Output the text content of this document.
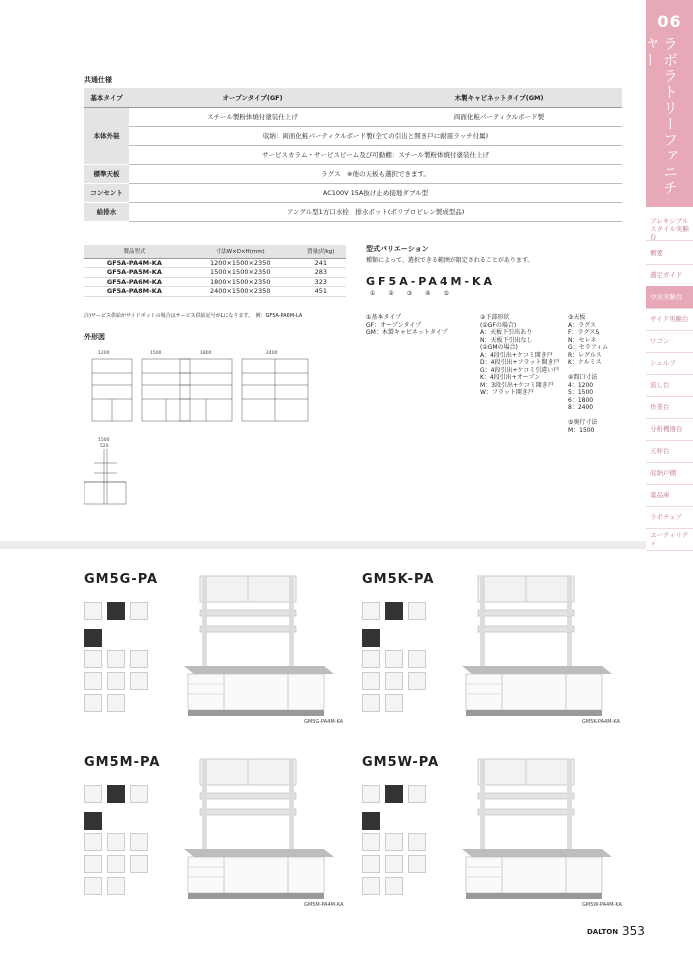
06
ラボラトリーファニチャー
フレキシブル スタイル実験台
概要
選定ガイド
中央実験台
サイド実験台
ワゴン
シェルフ
流し台
作業台
分析機器台
天秤台
収納戸棚
薬品庫
ラボチェア
ユーティリティ
共通仕様
基本タイプ	オープンタイプ(GF)	木製キャビネットタイプ(GM)
本体外装	スチール製粉体焼付塗装仕上げ	両面化粧パーティクルボード製
	収納：両面化粧パーティクルボード製(全ての引出と開き戸に耐震ラッチ付属)	
	サービスカラム・サービスビーム及び可動棚：スチール製粉体焼付塗装仕上げ	
標準天板	ラグス　※他の天板も選択できます。	
コンセント	AC100V 15A抜け止め接地ダブル型	
給排水	アングル型1方口水栓　排水ポット(ポリプロピレン製成型品)	
製品型式	寸法W×D×H(mm)	質量(約kg)
GF5A-PA4M-KA	1200×1500×2350	241
GF5A-PA5M-KA	1500×1500×2350	283
GF5A-PA6M-KA	1800×1500×2350	323
GF5A-PA8M-KA	2400×1500×2350	451
注)サービス供給がサイドポットの場合はサービス供給記号がLになります。　例：GF5A-PA6M-LA
外形図
1200	1500	1800	2400
1500
520
型式バリエーション
種類によって、選択できる範囲が限定されることがあります。
GF5A-PA4M-KA
① ② ③ ④ ⑤
①基本タイプ
GF：オープンタイプ
GM：木製キャビネットタイプ
②下部形状
(①GFの場合)
A：天板下引出あり
N：天板下引出なし
(①GMの場合)
A：4段引出+ケコミ開き戸
D：4段引出+フラット開き戸
G：4段引出+ケコミ引違い戸
K：4段引出+オープン
M：3段引出+ケコミ開き戸
W：フラット開き戸
③天板
A：ラグス
F：ラグスS
N：セレネ
G：セラフィム
R：レグルス
K：ケルミス
④間口寸法
4：1200
5：1500
6：1800
8：2400
⑤奥行寸法
M：1500
GM5G-PA
GM5G-PA4M-KA
GM5K-PA
GM5K-PA4M-KA
GM5M-PA
GM5M-PA4M-KA
GM5W-PA
GM5W-PA4M-KA
DALTON 353
